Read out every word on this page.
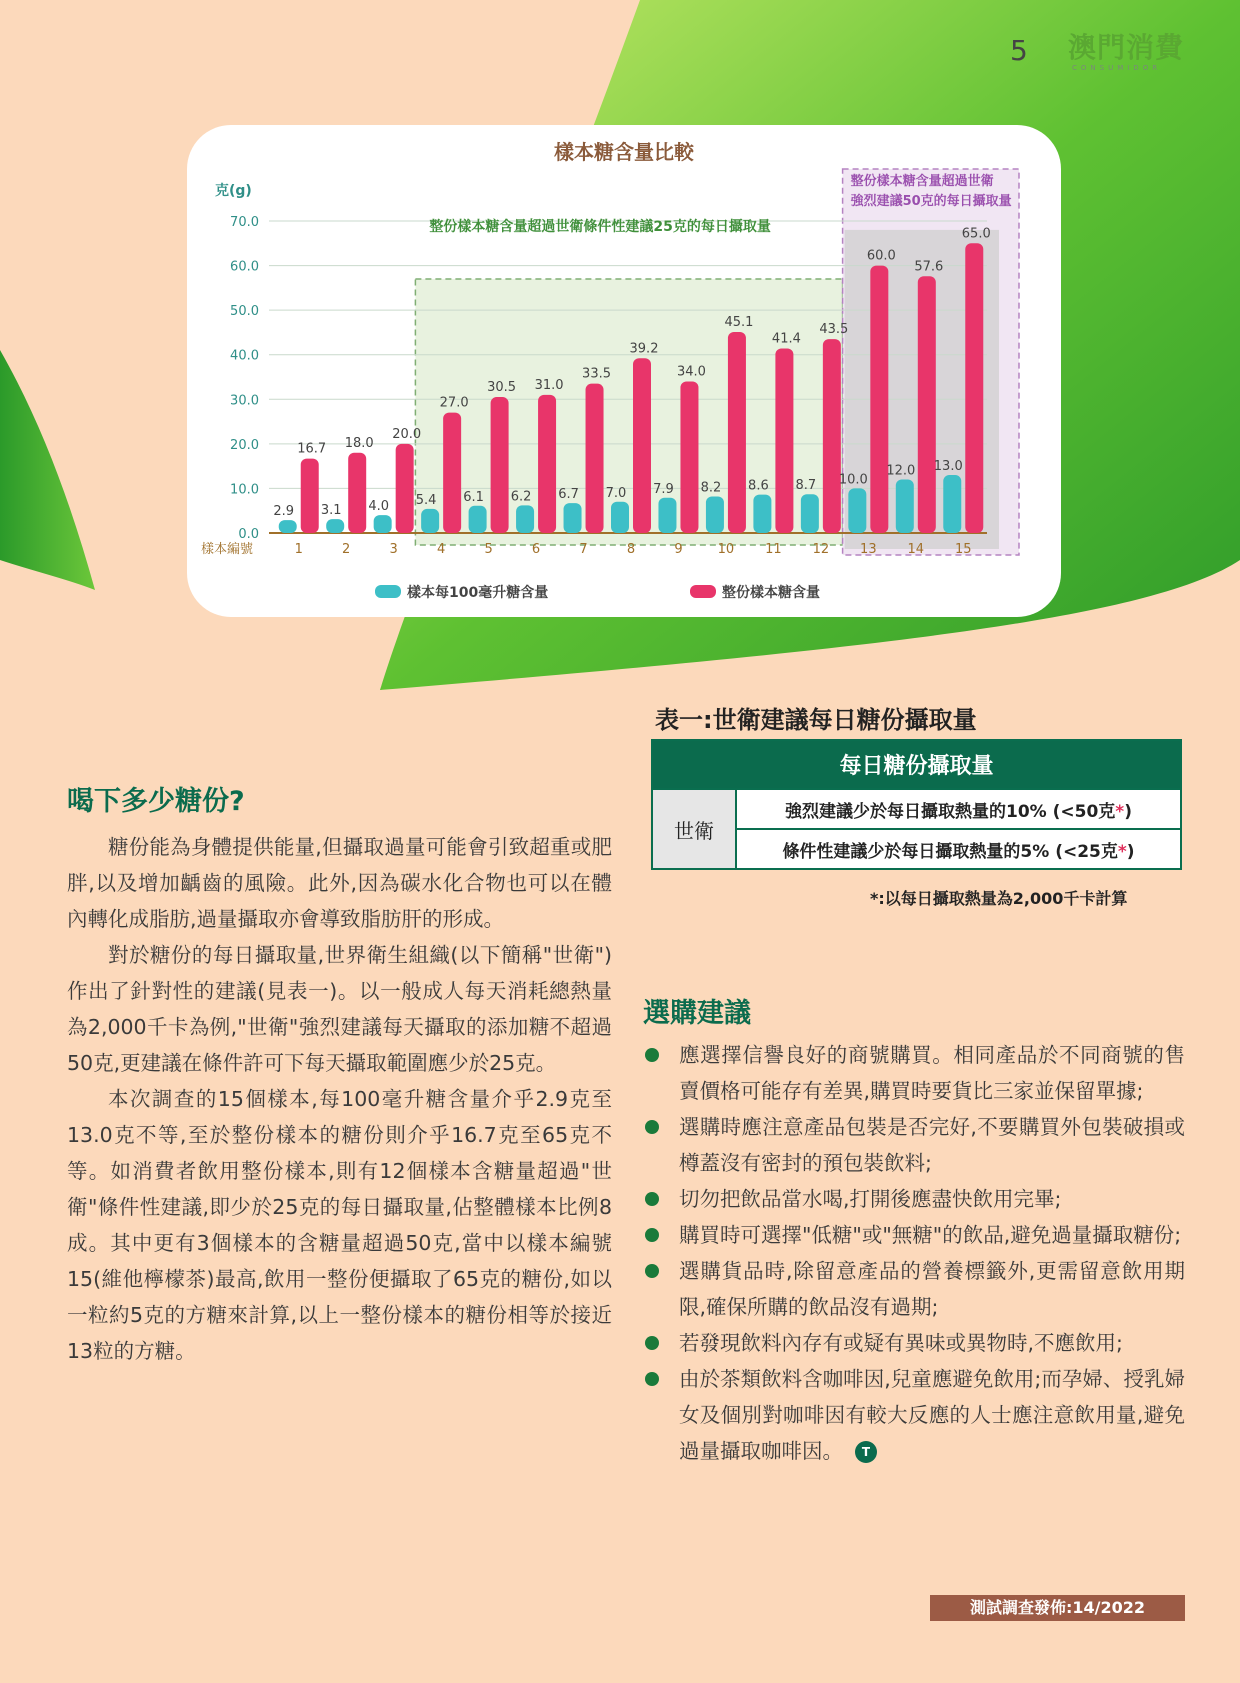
5 澳門消費
CONSUMIDOR
樣本糖含量比較
克(g)
0.0
10.0
20.0
30.0
40.0
50.0
60.0
70.0	整份樣本糖含量超過世衛條件性建議25克的每日攝取量
整份樣本糖含量超過世衛
強烈建議50克的每日攝取量
2.9
16.7
1
3.1
18.0
2
4.0
20.0
3
5.4
27.0
4
6.1
30.5
5
6.2
31.0
6
6.7
33.5
7
7.0
39.2
8
7.9
34.0
9
8.2
45.1
10
8.6
41.4
11
8.7
43.5
12
10.0
60.0
13
12.0
57.6
14
13.0
65.0
15
樣本編號
樣本每100毫升糖含量	整份樣本糖含量
表一:世衛建議每日糖份攝取量
每日糖份攝取量
世衛	強烈建議少於每日攝取熱量的10% (<50克*)
條件性建議少於每日攝取熱量的5% (<25克*)
*:以每日攝取熱量為2,000千卡計算
喝下多少糖份?

糖份能為身體提供能量,但攝取過量可能會引致超重或肥胖,以及增加齲齒的風險。此外,因為碳水化合物也可以在體內轉化成脂肪,過量攝取亦會導致脂肪肝的形成。

對於糖份的每日攝取量,世界衛生組織(以下簡稱"世衛")作出了針對性的建議(見表一)。以一般成人每天消耗總熱量為2,000千卡為例,"世衛"強烈建議每天攝取的添加糖不超過50克,更建議在條件許可下每天攝取範圍應少於25克。

本次調查的15個樣本,每100毫升糖含量介乎2.9克至13.0克不等,至於整份樣本的糖份則介乎16.7克至65克不等。如消費者飲用整份樣本,則有12個樣本含糖量超過"世衛"條件性建議,即少於25克的每日攝取量,佔整體樣本比例8成。其中更有3個樣本的含糖量超過50克,當中以樣本編號15(維他檸檬茶)最高,飲用一整份便攝取了65克的糖份,如以一粒約5克的方糖來計算,以上一整份樣本的糖份相等於接近13粒的方糖。

選購建議
應選擇信譽良好的商號購買。相同產品於不同商號的售賣價格可能存有差異,購買時要貨比三家並保留單據;
選購時應注意產品包裝是否完好,不要購買外包裝破損或樽蓋沒有密封的預包裝飲料;
切勿把飲品當水喝,打開後應盡快飲用完畢;
購買時可選擇"低糖"或"無糖"的飲品,避免過量攝取糖份;
選購貨品時,除留意產品的營養標籤外,更需留意飲用期限,確保所購的飲品沒有過期;
若發現飲料內存有或疑有異味或異物時,不應飲用;
由於茶類飲料含咖啡因,兒童應避免飲用;而孕婦、授乳婦女及個別對咖啡因有較大反應的人士應注意飲用量,避免過量攝取咖啡因。 T
測試調查發佈:14/2022
